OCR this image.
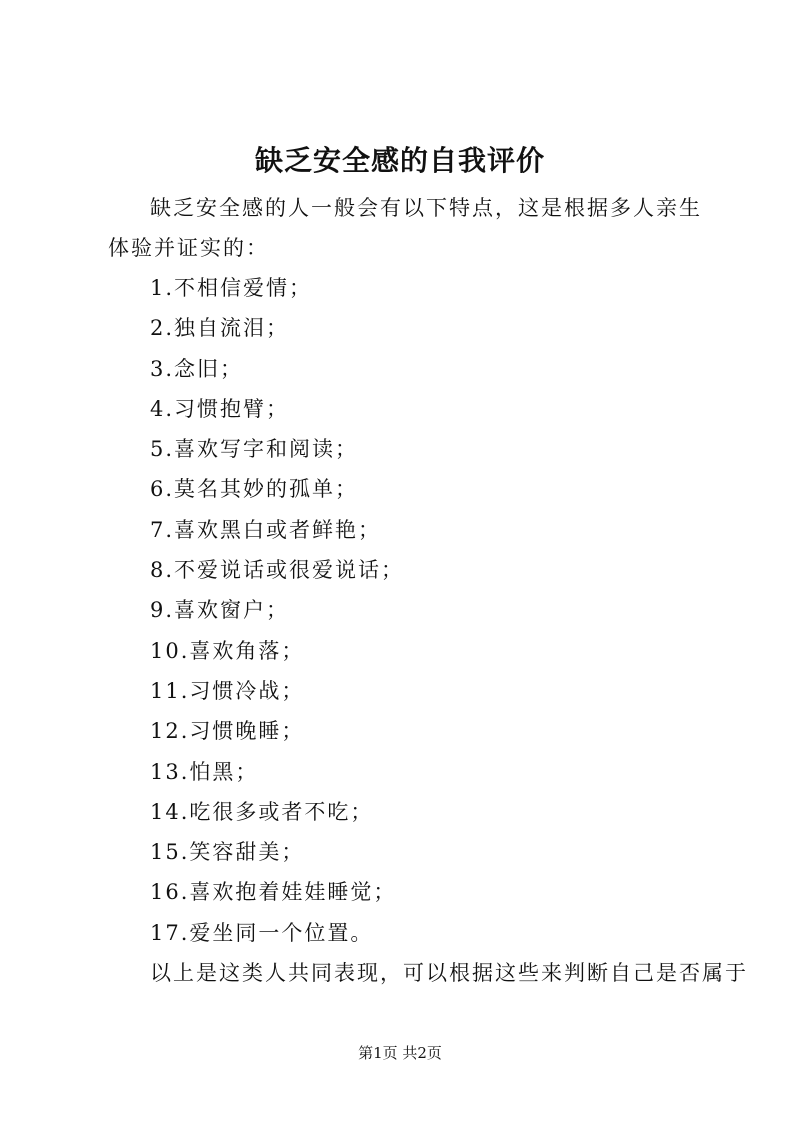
缺乏安全感的自我评价
缺乏安全感的人一般会有以下特点，这是根据多人亲生体验并证实的：
1.不相信爱情；
2.独自流泪；
3.念旧；
4.习惯抱臂；
5.喜欢写字和阅读；
6.莫名其妙的孤单；
7.喜欢黑白或者鲜艳；
8.不爱说话或很爱说话；
9.喜欢窗户；
10.喜欢角落；
11.习惯冷战；
12.习惯晚睡；
13.怕黑；
14.吃很多或者不吃；
15.笑容甜美；
16.喜欢抱着娃娃睡觉；
17.爱坐同一个位置。
以上是这类人共同表现，可以根据这些来判断自己是否属于
第1页 共2页
